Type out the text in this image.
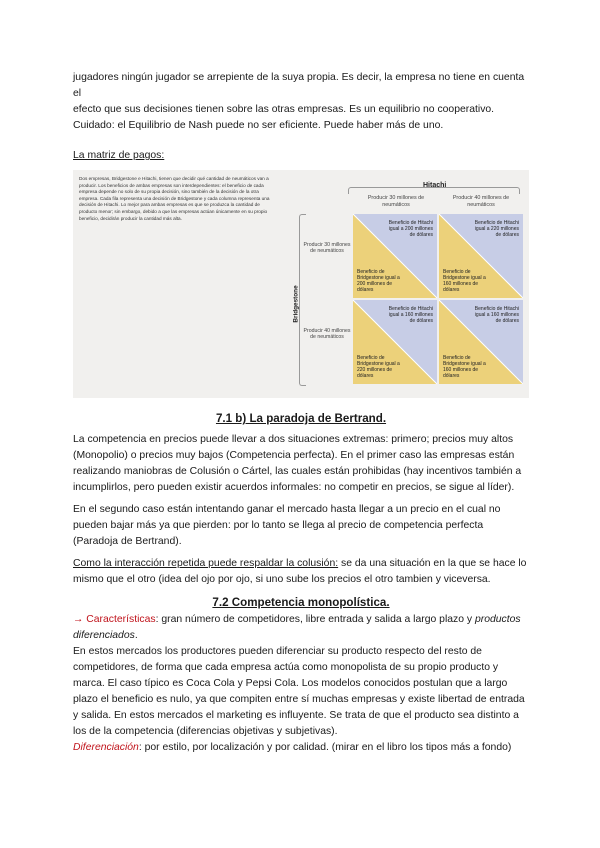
jugadores ningún jugador se arrepiente de la suya propia. Es decir, la empresa no tiene en cuenta el

efecto que sus decisiones tienen sobre las otras empresas. Es un equilibrio no cooperativo.

Cuidado: el Equilibrio de Nash puede no ser eficiente. Puede haber más de uno.

La matriz de pagos:

Dos empresas, Bridgestone e Hitachi, tienen que decidir qué cantidad de neumáticos van a producir. Los beneficios de ambas empresas son interdependientes: el beneficio de cada empresa depende no solo de su propia decisión, sino también de la decisión de la otra empresa. Cada fila representa una decisión de Bridgestone y cada columna representa una decisión de Hitachi. Lo mejor para ambas empresas es que se produzca la cantidad de producto menor; sin embargo, debido a que las empresas actúan únicamente en su propio beneficio, decidirán producir la cantidad más alta.
Hitachi
Producir 30 millones de neumáticos
Producir 40 millones de neumáticos
Bridgestone
Producir 30 millones de neumáticos
Producir 40 millones de neumáticos
Beneficio de Hitachi igual a 200 millones de dólares
Beneficio de Bridgestone igual a 200 millones de dólares
Beneficio de Hitachi igual a 220 millones de dólares
Beneficio de Bridgestone igual a 160 millones de dólares
Beneficio de Hitachi igual a 160 millones de dólares
Beneficio de Bridgestone igual a 220 millones de dólares
Beneficio de Hitachi igual a 160 millones de dólares
Beneficio de Bridgestone igual a 160 millones de dólares
7.1 b) La paradoja de Bertrand.

La competencia en precios puede llevar a dos situaciones extremas: primero; precios muy altos (Monopolio) o precios muy bajos (Competencia perfecta). En el primer caso las empresas están realizando maniobras de Colusión o Cártel, las cuales están prohibidas (hay incentivos también a incumplirlos, pero pueden existir acuerdos informales: no competir en precios, se sigue al líder).

En el segundo caso están intentando ganar el mercado hasta llegar a un precio en el cual no pueden bajar más ya que pierden: por lo tanto se llega al precio de competencia perfecta (Paradoja de Bertrand).

Como la interacción repetida puede respaldar la colusión: se da una situación en la que se hace lo mismo que el otro (idea del ojo por ojo, si uno sube los precios el otro tambien y viceversa.

7.2 Competencia monopolística.

→ Características: gran número de competidores, libre entrada y salida a largo plazo y productos diferenciados.

En estos mercados los productores pueden diferenciar su producto respecto del resto de competidores, de forma que cada empresa actúa como monopolista de su propio producto y marca. El caso típico es Coca Cola y Pepsi Cola. Los modelos conocidos postulan que a largo plazo el beneficio es nulo, ya que compiten entre sí muchas empresas y existe libertad de entrada y salida. En estos mercados el marketing es influyente. Se trata de que el producto sea distinto a los de la competencia (diferencias objetivas y subjetivas).

Diferenciación: por estilo, por localización y por calidad. (mirar en el libro los tipos más a fondo)
